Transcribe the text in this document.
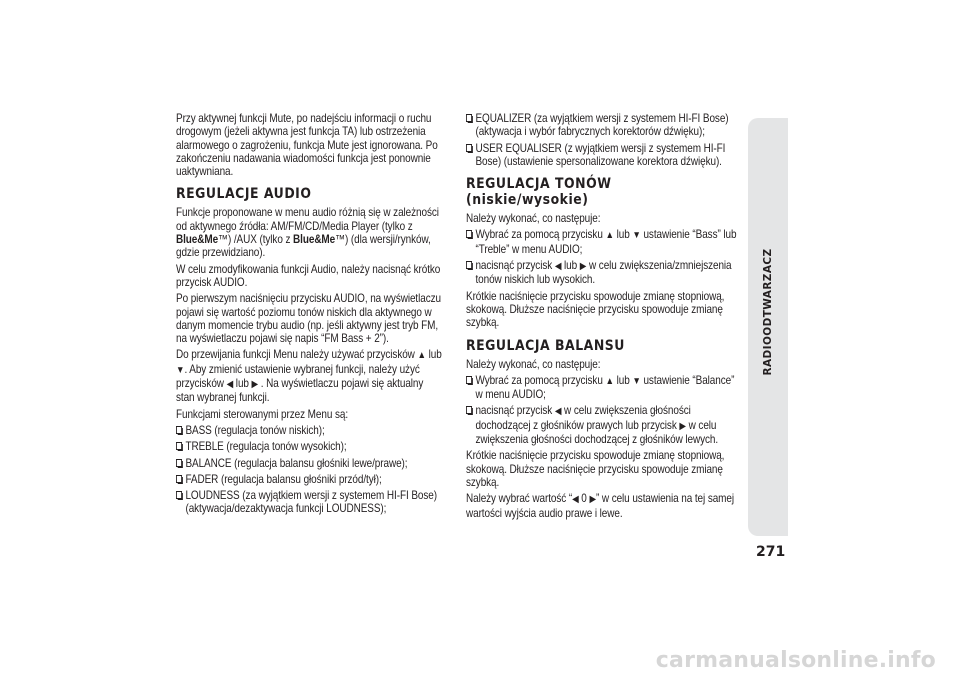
Przy aktywnej funkcji Mute, po nadejściu informacji o ruchu drogowym (jeżeli aktywna jest funkcja TA) lub ostrzeżenia alarmowego o zagrożeniu, funkcja Mute jest ignorowana. Po zakończeniu nadawania wiadomości funkcja jest ponownie uaktywniana.

REGULACJE AUDIO

Funkcje proponowane w menu audio różnią się w zależności od aktywnego źródła: AM/FM/CD/Media Player (tylko z Blue&Me™) /AUX (tylko z Blue&Me™) (dla wersji/rynków, gdzie przewidziano).

W celu zmodyfikowania funkcji Audio, należy nacisnąć krótko przycisk AUDIO.

Po pierwszym naciśnięciu przycisku AUDIO, na wyświetlaczu pojawi się wartość poziomu tonów niskich dla aktywnego w danym momencie trybu audio (np. jeśli aktywny jest tryb FM, na wyświetlaczu pojawi się napis “FM Bass + 2”).

Do przewijania funkcji Menu należy używać przycisków ▲ lub ▼. Aby zmienić ustawienie wybranej funkcji, należy użyć przycisków ◀ lub ▶ . Na wyświetlaczu pojawi się aktualny stan wybranej funkcji.

Funkcjami sterowanymi przez Menu są:

BASS (regulacja tonów niskich);
TREBLE (regulacja tonów wysokich);
BALANCE (regulacja balansu głośniki lewe/prawe);
FADER (regulacja balansu głośniki przód/tył);
LOUDNESS (za wyjątkiem wersji z systemem HI-FI Bose) (aktywacja/dezaktywacja funkcji LOUDNESS);
EQUALIZER (za wyjątkiem wersji z systemem HI-FI Bose) (aktywacja i wybór fabrycznych korektorów dźwięku);
USER EQUALISER (z wyjątkiem wersji z systemem HI-FI Bose) (ustawienie spersonalizowane korektora dźwięku).
REGULACJA TONÓW (niskie/wysokie)

Należy wykonać, co następuje:

Wybrać za pomocą przycisku ▲ lub ▼ ustawienie “Bass” lub “Treble” w menu AUDIO;
nacisnąć przycisk ◀ lub ▶ w celu zwiększenia/zmniejszenia tonów niskich lub wysokich.

Krótkie naciśnięcie przycisku spowoduje zmianę stopniową, skokową. Dłuższe naciśnięcie przycisku spowoduje zmianę szybką.

REGULACJA BALANSU

Należy wykonać, co następuje:

Wybrać za pomocą przycisku ▲ lub ▼ ustawienie “Balance” w menu AUDIO;
nacisnąć przycisk ◀ w celu zwiększenia głośności dochodzącej z głośników prawych lub przycisk ▶ w celu zwiększenia głośności dochodzącej z głośników lewych.

Krótkie naciśnięcie przycisku spowoduje zmianę stopniową, skokową. Dłuższe naciśnięcie przycisku spowoduje zmianę szybką.

Należy wybrać wartość “◀ 0 ▶” w celu ustawienia na tej samej wartości wyjścia audio prawe i lewe.

RADIOODTWARZACZ
271
carmanualsonline.info
